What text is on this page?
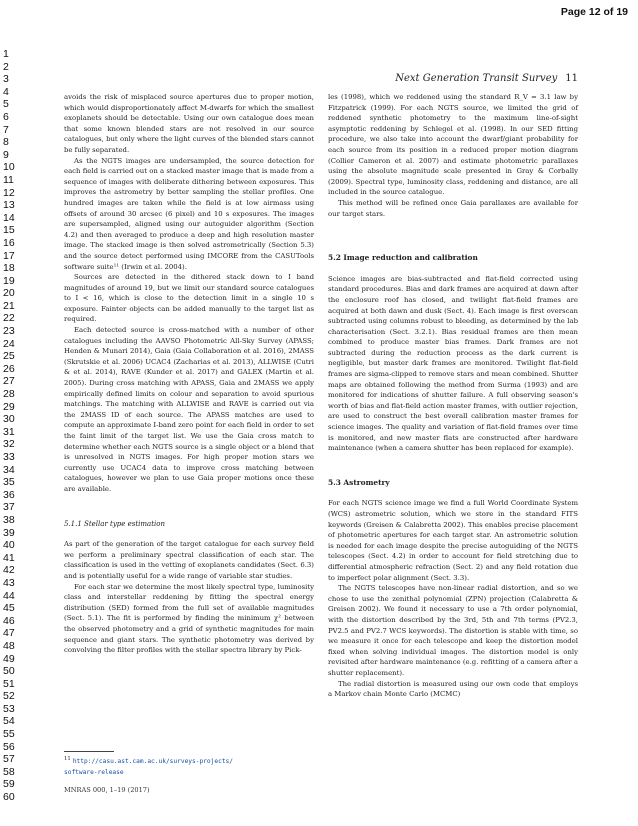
Page 12 of 19
1
2
3
4
5
6
7
8
9
10
11
12
13
14
15
16
17
18
19
20
21
22
23
24
25
26
27
28
29
30
31
32
33
34
35
36
37
38
39
40
41
42
43
44
45
46
47
48
49
50
51
52
53
54
55
56
57
58
59
60
Next Generation Transit Survey 11

avoids the risk of misplaced source apertures due to proper motion, which would disproportionately affect M-dwarfs for which the smallest exoplanets should be detectable. Using our own catalogue does mean that some known blended stars are not resolved in our source catalogues, but only where the light curves of the blended stars cannot be fully separated.

As the NGTS images are undersampled, the source detection for each field is carried out on a stacked master image that is made from a sequence of images with deliberate dithering between exposures. This improves the astrometry by better sampling the stellar profiles. One hundred images are taken while the field is at low airmass using offsets of around 30 arcsec (6 pixel) and 10 s exposures. The images are supersampled, aligned using our autoguider algorithm (Section 4.2) and then averaged to produce a deep and high resolution master image. The stacked image is then solved astrometrically (Section 5.3) and the source detect performed using IMCORE from the CASUTools software suite¹¹ (Irwin et al. 2004).

Sources are detected in the dithered stack down to I band magnitudes of around 19, but we limit our standard source catalogues to I < 16, which is close to the detection limit in a single 10 s exposure. Fainter objects can be added manually to the target list as required.

Each detected source is cross-matched with a number of other catalogues including the AAVSO Photometric All-Sky Survey (APASS; Henden & Munari 2014), Gaia (Gaia Collaboration et al. 2016), 2MASS (Skrutskie et al. 2006) UCAC4 (Zacharias et al. 2013), ALLWISE (Cutri & et al. 2014), RAVE (Kunder et al. 2017) and GALEX (Martin et al. 2005). During cross matching with APASS, Gaia and 2MASS we apply empirically defined limits on colour and separation to avoid spurious matchings. The matching with ALLWISE and RAVE is carried out via the 2MASS ID of each source. The APASS matches are used to compute an approximate I-band zero point for each field in order to set the faint limit of the target list. We use the Gaia cross match to determine whether each NGTS source is a single object or a blend that is unresolved in NGTS images. For high proper motion stars we currently use UCAC4 data to improve cross matching between catalogues, however we plan to use Gaia proper motions once these are available.

5.1.1 Stellar type estimation

As part of the generation of the target catalogue for each survey field we perform a preliminary spectral classification of each star. The classification is used in the vetting of exoplanets candidates (Sect. 6.3) and is potentially useful for a wide range of variable star studies.

For each star we determine the most likely spectral type, luminosity class and interstellar reddening by fitting the spectral energy distribution (SED) formed from the full set of available magnitudes (Sect. 5.1). The fit is performed by finding the minimum χ² between the observed photometry and a grid of synthetic magnitudes for main sequence and giant stars. The synthetic photometry was derived by convolving the filter profiles with the stellar spectra library by Pick-

les (1998), which we reddened using the standard R_V = 3.1 law by Fitzpatrick (1999). For each NGTS source, we limited the grid of reddened synthetic photometry to the maximum line-of-sight asymptotic reddening by Schlegel et al. (1998). In our SED fitting procedure, we also take into account the dwarf/giant probability for each source from its position in a reduced proper motion diagram (Collier Cameron et al. 2007) and estimate photometric parallaxes using the absolute magnitude scale presented in Gray & Corbally (2009). Spectral type, luminosity class, reddening and distance, are all included in the source catalogue.

This method will be refined once Gaia parallaxes are available for our target stars.

5.2 Image reduction and calibration

Science images are bias-subtracted and flat-field corrected using standard procedures. Bias and dark frames are acquired at dawn after the enclosure roof has closed, and twilight flat-field frames are acquired at both dawn and dusk (Sect. 4). Each image is first overscan subtracted using columns robust to bleeding, as determined by the lab characterisation (Sect. 3.2.1). Bias residual frames are then mean combined to produce master bias frames. Dark frames are not subtracted during the reduction process as the dark current is negligible, but master dark frames are monitored. Twilight flat-field frames are sigma-clipped to remove stars and mean combined. Shutter maps are obtained following the method from Surma (1993) and are monitored for indications of shutter failure. A full observing season's worth of bias and flat-field action master frames, with outlier rejection, are used to construct the best overall calibration master frames for science images. The quality and variation of flat-field frames over time is monitored, and new master flats are constructed after hardware maintenance (when a camera shutter has been replaced for example).

5.3 Astrometry

For each NGTS science image we find a full World Coordinate System (WCS) astrometric solution, which we store in the standard FITS keywords (Greisen & Calabretta 2002). This enables precise placement of photometric apertures for each target star. An astrometric solution is needed for each image despite the precise autoguiding of the NGTS telescopes (Sect. 4.2) in order to account for field stretching due to differential atmospheric refraction (Sect. 2) and any field rotation due to imperfect polar alignment (Sect. 3.3).

The NGTS telescopes have non-linear radial distortion, and so we chose to use the zenithal polynomial (ZPN) projection (Calabretta & Greisen 2002). We found it necessary to use a 7th order polynomial, with the distortion described by the 3rd, 5th and 7th terms (PV2.3, PV2.5 and PV2.7 WCS keywords). The distortion is stable with time, so we measure it once for each telescope and keep the distortion model fixed when solving individual images. The distortion model is only revisited after hardware maintenance (e.g. refitting of a camera after a shutter replacement).

The radial distortion is measured using our own code that employs a Markov chain Monte Carlo (MCMC)

$^{11}$ http://casu.ast.cam.ac.uk/surveys-projects/
software-release
MNRAS 000, 1–19 (2017)
